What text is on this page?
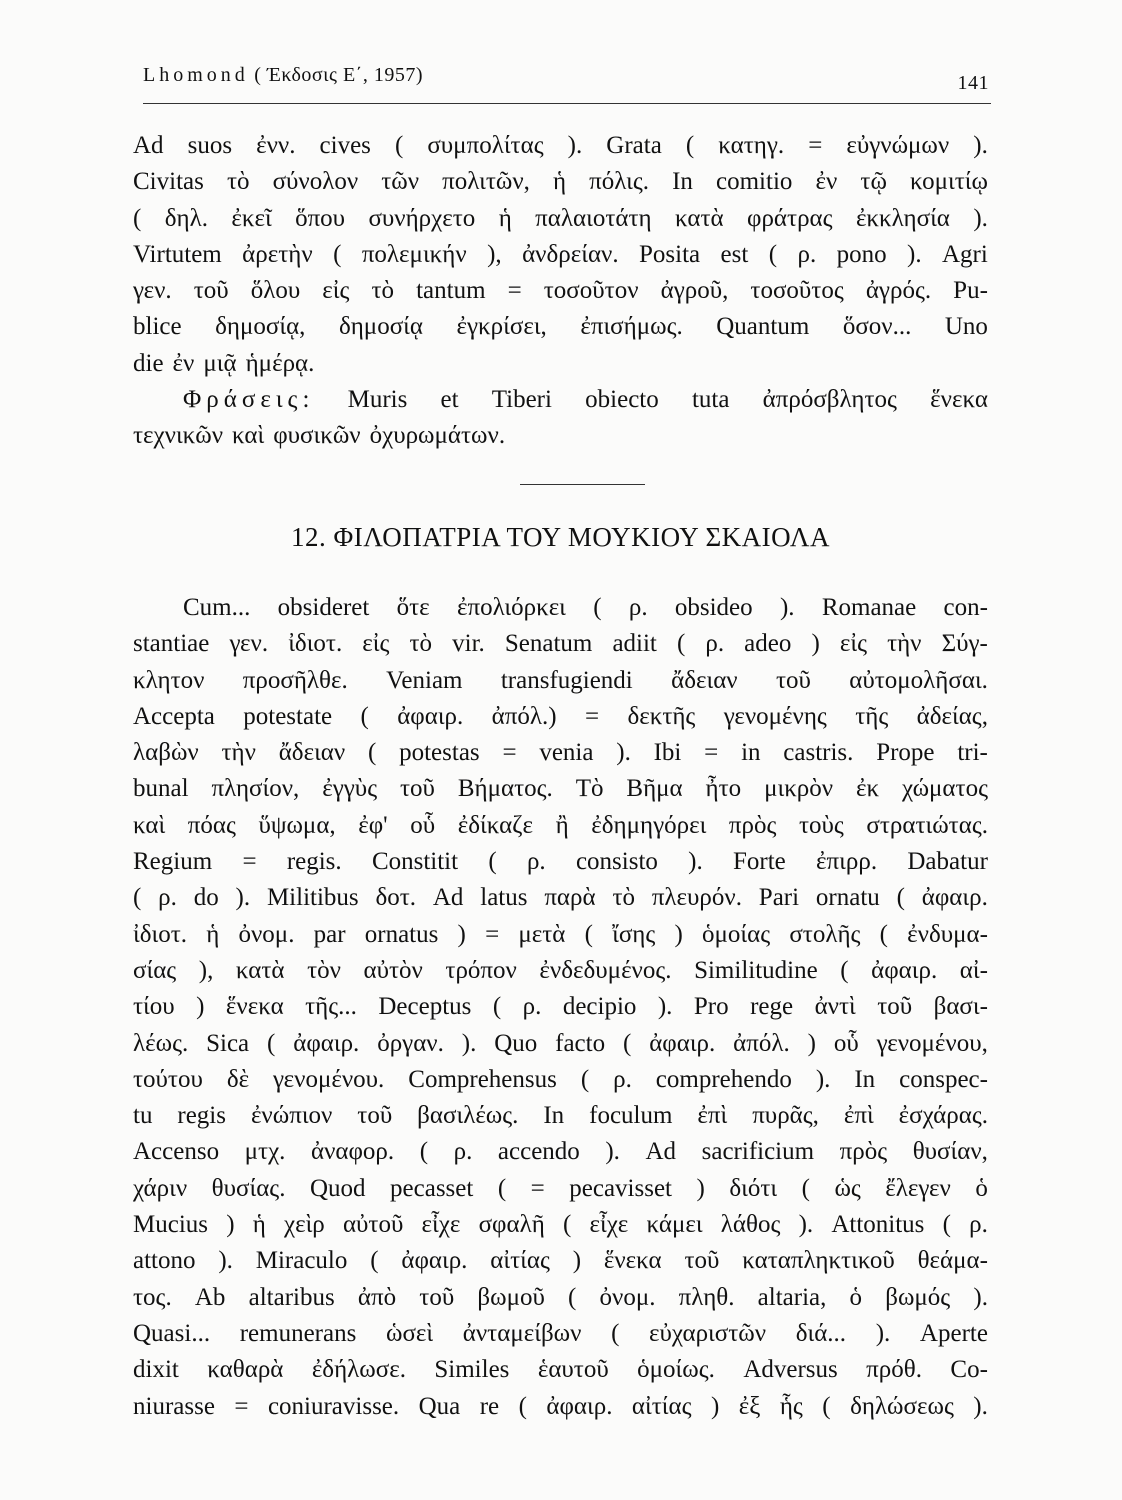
Lhomond ( Έκδοσις Ε΄, 1957)	141
Ad suos ἐνν. cives ( συμπολίτας ). Grata ( κατηγ. = εὐγνώμων ).
Civitas τὸ σύνολον τῶν πολιτῶν, ἡ πόλις. In comitio ἐν τῷ κομιτίῳ
( δηλ. ἐκεῖ ὅπου συνήρχετο ἡ παλαιοτάτη κατὰ φράτρας ἐκκλησία ).
Virtutem ἀρετὴν ( πολεμικήν ), ἀνδρείαν. Posita est ( ρ. pono ). Agri
γεν. τοῦ ὅλου εἰς τὸ tantum = τοσοῦτον ἀγροῦ, τοσοῦτος ἀγρός. Pu-
blice δημοσίᾳ, δημοσίᾳ ἐγκρίσει, ἐπισήμως. Quantum ὅσον... Uno
die ἐν μιᾷ ἡμέρᾳ.
Φράσεις: Muris et Tiberi obiecto tuta ἀπρόσβλητος ἕνεκα
τεχνικῶν καὶ φυσικῶν ὀχυρωμάτων.
12. ΦΙΛΟΠΑΤΡΙΑ ΤΟΥ ΜΟΥΚΙΟΥ ΣΚΑΙΟΛΑ
Cum... obsideret ὅτε ἐπολιόρκει ( ρ. obsideo ). Romanae con-
stantiae γεν. ἰδιοτ. εἰς τὸ vir. Senatum adiit ( ρ. adeo ) εἰς τὴν Σύγ-
κλητον προσῆλθε. Veniam transfugiendi ἄδειαν τοῦ αὐτομολῆσαι.
Accepta potestate ( ἀφαιρ. ἀπόλ.) = δεκτῆς γενομένης τῆς ἀδείας,
λαβὼν τὴν ἄδειαν ( potestas = venia ). Ibi = in castris. Prope tri-
bunal πλησίον, ἐγγὺς τοῦ Βήματος. Τὸ Βῆμα ἦτο μικρὸν ἐκ χώματος
καὶ πόας ὕψωμα, ἐφ' οὗ ἐδίκαζε ἢ ἐδημηγόρει πρὸς τοὺς στρατιώτας.
Regium = regis. Constitit ( ρ. consisto ). Forte ἐπιρρ. Dabatur
( ρ. do ). Militibus δοτ. Ad latus παρὰ τὸ πλευρόν. Pari ornatu ( ἀφαιρ.
ἰδιοτ. ἡ ὀνομ. par ornatus ) = μετὰ ( ἴσης ) ὁμοίας στολῆς ( ἐνδυμα-
σίας ), κατὰ τὸν αὐτὸν τρόπον ἐνδεδυμένος. Similitudine ( ἀφαιρ. αἰ-
τίου ) ἕνεκα τῆς... Deceptus ( ρ. decipio ). Pro rege ἀντὶ τοῦ βασι-
λέως. Sica ( ἀφαιρ. ὀργαν. ). Quo facto ( ἀφαιρ. ἀπόλ. ) οὗ γενομένου,
τούτου δὲ γενομένου. Comprehensus ( ρ. comprehendo ). In conspec-
tu regis ἐνώπιον τοῦ βασιλέως. In foculum ἐπὶ πυρᾶς, ἐπὶ ἐσχάρας.
Accenso μτχ. ἀναφορ. ( ρ. accendo ). Ad sacrificium πρὸς θυσίαν,
χάριν θυσίας. Quod pecasset ( = pecavisset ) διότι ( ὡς ἔλεγεν ὁ
Mucius ) ἡ χεὶρ αὐτοῦ εἶχε σφαλῆ ( εἶχε κάμει λάθος ). Attonitus ( ρ.
attono ). Miraculo ( ἀφαιρ. αἰτίας ) ἕνεκα τοῦ καταπληκτικοῦ θεάμα-
τος. Ab altaribus ἀπὸ τοῦ βωμοῦ ( ὀνομ. πληθ. altaria, ὁ βωμός ).
Quasi... remunerans ὡσεὶ ἀνταμείβων ( εὐχαριστῶν διά... ). Aperte
dixit καθαρὰ ἐδήλωσε. Similes ἑαυτοῦ ὁμοίως. Adversus πρόθ. Co-
niurasse = coniuravisse. Qua re ( ἀφαιρ. αἰτίας ) ἐξ ἧς ( δηλώσεως ).
